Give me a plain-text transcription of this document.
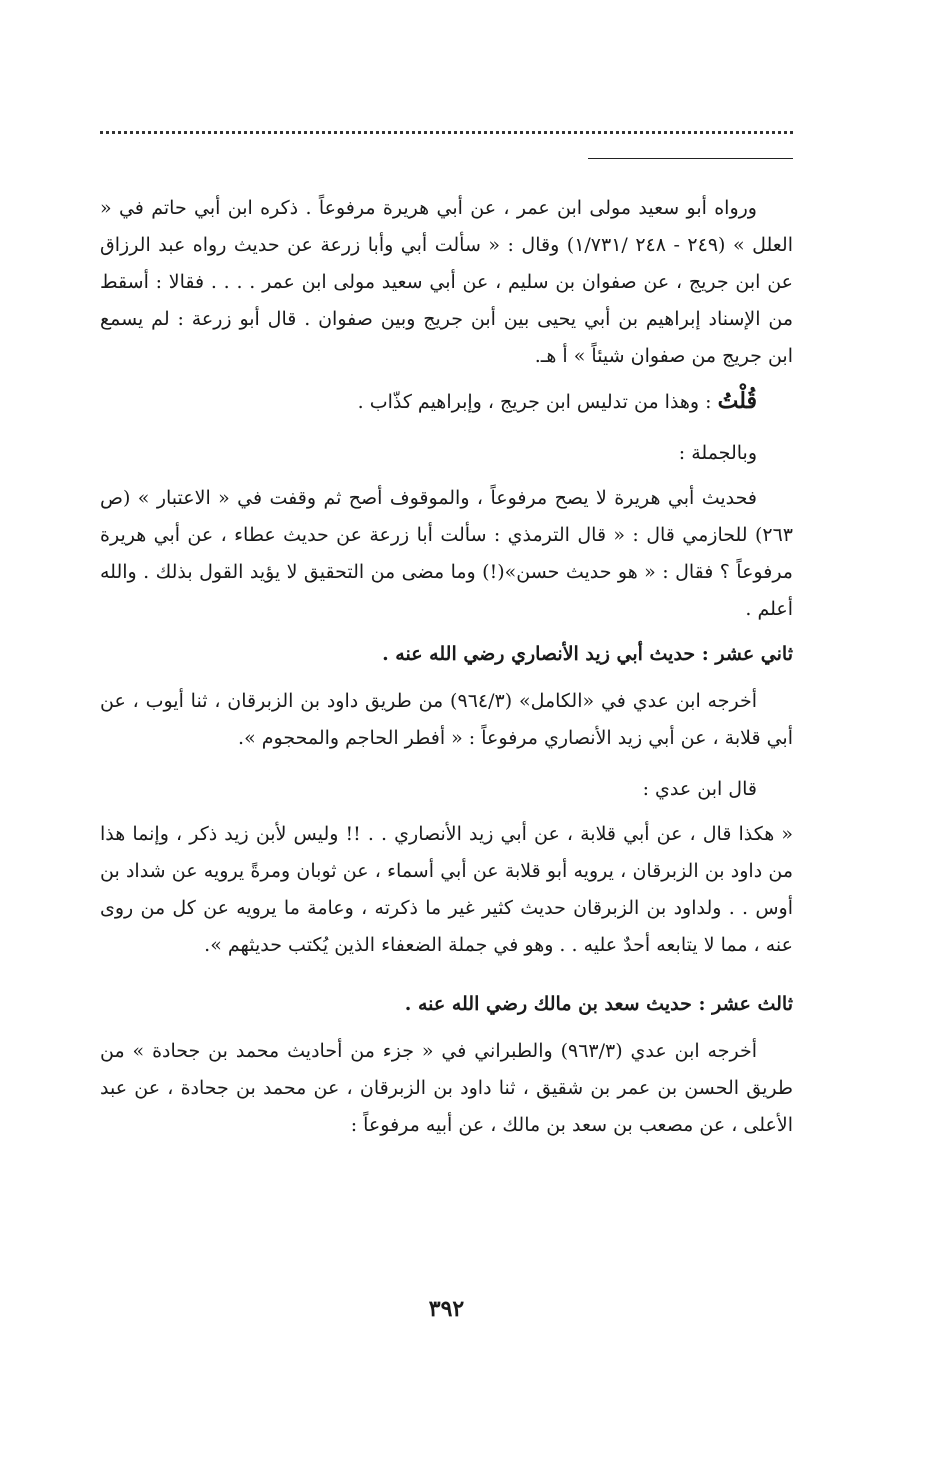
ورواه أبو سعيد مولى ابن عمر ، عن أبي هريرة مرفوعاً . ذكره ابن أبي حاتم في « العلل » (٢٤٩ - ٢٤٨ /١/٧٣١) وقال : « سألت أبي وأبا زرعة عن حديث رواه عبد الرزاق عن ابن جريج ، عن صفوان بن سليم ، عن أبي سعيد مولى ابن عمر . . . . فقالا : أسقط من الإسناد إبراهيم بن أبي يحيى بين أبن جريج وبين صفوان . قال أبو زرعة : لم يسمع ابن جريج من صفوان شيئاً » أ هـ.

قُلْتُ : وهذا من تدليس ابن جريج ، وإبراهيم كذّاب .

وبالجملة :

فحديث أبي هريرة لا يصح مرفوعاً ، والموقوف أصح ثم وقفت في « الاعتبار » (ص ٢٦٣) للحازمي قال : « قال الترمذي : سألت أبا زرعة عن حديث عطاء ، عن أبي هريرة مرفوعاً ؟ فقال : « هو حديث حسن»(!) وما مضى من التحقيق لا يؤيد القول بذلك . والله أعلم .

ثاني عشر : حديث أبي زيد الأنصاري رضي الله عنه .

أخرجه ابن عدي في «الكامل» (٩٦٤/٣) من طريق داود بن الزبرقان ، ثنا أيوب ، عن أبي قلابة ، عن أبي زيد الأنصاري مرفوعاً : « أفطر الحاجم والمحجوم ».

قال ابن عدي :

« هكذا قال ، عن أبي قلابة ، عن أبي زيد الأنصاري . . !! وليس لأبن زيد ذكر ، وإنما هذا من داود بن الزبرقان ، يرويه أبو قلابة عن أبي أسماء ، عن ثوبان ومرةً يرويه عن شداد بن أوس . . ولداود بن الزبرقان حديث كثير غير ما ذكرته ، وعامة ما يرويه عن كل من روى عنه ، مما لا يتابعه أحدٌ عليه . . وهو في جملة الضعفاء الذين يُكتب حديثهم ».

ثالث عشر : حديث سعد بن مالك رضي الله عنه .

أخرجه ابن عدي (٩٦٣/٣) والطبراني في « جزء من أحاديث محمد بن جحادة » من طريق الحسن بن عمر بن شقيق ، ثنا داود بن الزبرقان ، عن محمد بن جحادة ، عن عبد الأعلى ، عن مصعب بن سعد بن مالك ، عن أبيه مرفوعاً :

٣٩٢
